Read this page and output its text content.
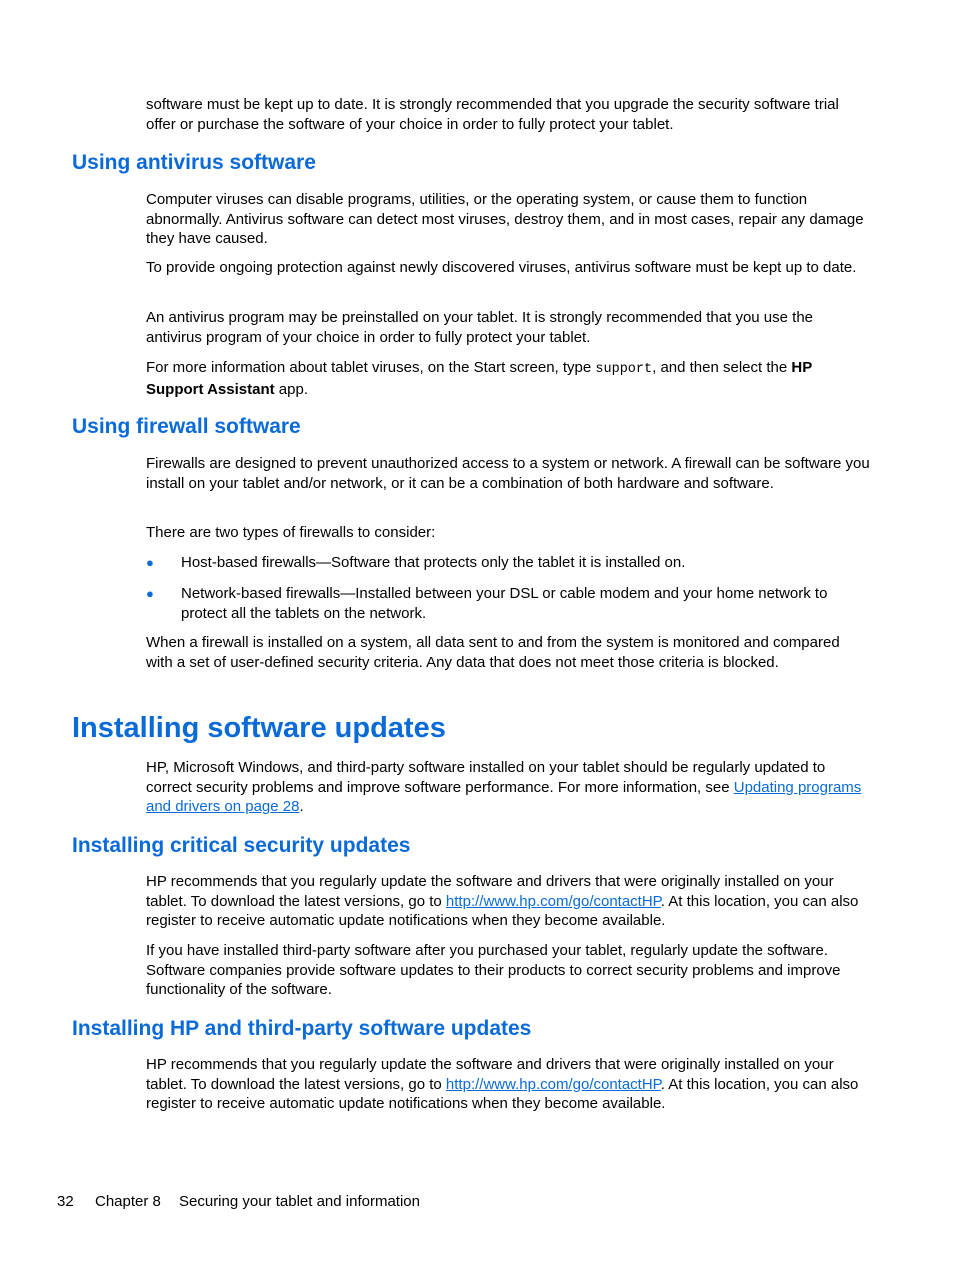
software must be kept up to date. It is strongly recommended that you upgrade the security software trial offer or purchase the software of your choice in order to fully protect your tablet.

Using antivirus software

Computer viruses can disable programs, utilities, or the operating system, or cause them to function abnormally. Antivirus software can detect most viruses, destroy them, and in most cases, repair any damage they have caused.

To provide ongoing protection against newly discovered viruses, antivirus software must be kept up to date.

An antivirus program may be preinstalled on your tablet. It is strongly recommended that you use the antivirus program of your choice in order to fully protect your tablet.

For more information about tablet viruses, on the Start screen, type support, and then select the HP Support Assistant app.

Using firewall software

Firewalls are designed to prevent unauthorized access to a system or network. A firewall can be software you install on your tablet and/or network, or it can be a combination of both hardware and software.

There are two types of firewalls to consider:

●	Host-based firewalls—Software that protects only the tablet it is installed on.
●	Network-based firewalls—Installed between your DSL or cable modem and your home network to protect all the tablets on the network.

When a firewall is installed on a system, all data sent to and from the system is monitored and compared with a set of user-defined security criteria. Any data that does not meet those criteria is blocked.

Installing software updates

HP, Microsoft Windows, and third-party software installed on your tablet should be regularly updated to correct security problems and improve software performance. For more information, see Updating programs and drivers on page 28.

Installing critical security updates

HP recommends that you regularly update the software and drivers that were originally installed on your tablet. To download the latest versions, go to http://www.hp.com/go/contactHP. At this location, you can also register to receive automatic update notifications when they become available.

If you have installed third-party software after you purchased your tablet, regularly update the software. Software companies provide software updates to their products to correct security problems and improve functionality of the software.

Installing HP and third-party software updates

HP recommends that you regularly update the software and drivers that were originally installed on your tablet. To download the latest versions, go to http://www.hp.com/go/contactHP. At this location, you can also register to receive automatic update notifications when they become available.

32 Chapter 8 Securing your tablet and information
